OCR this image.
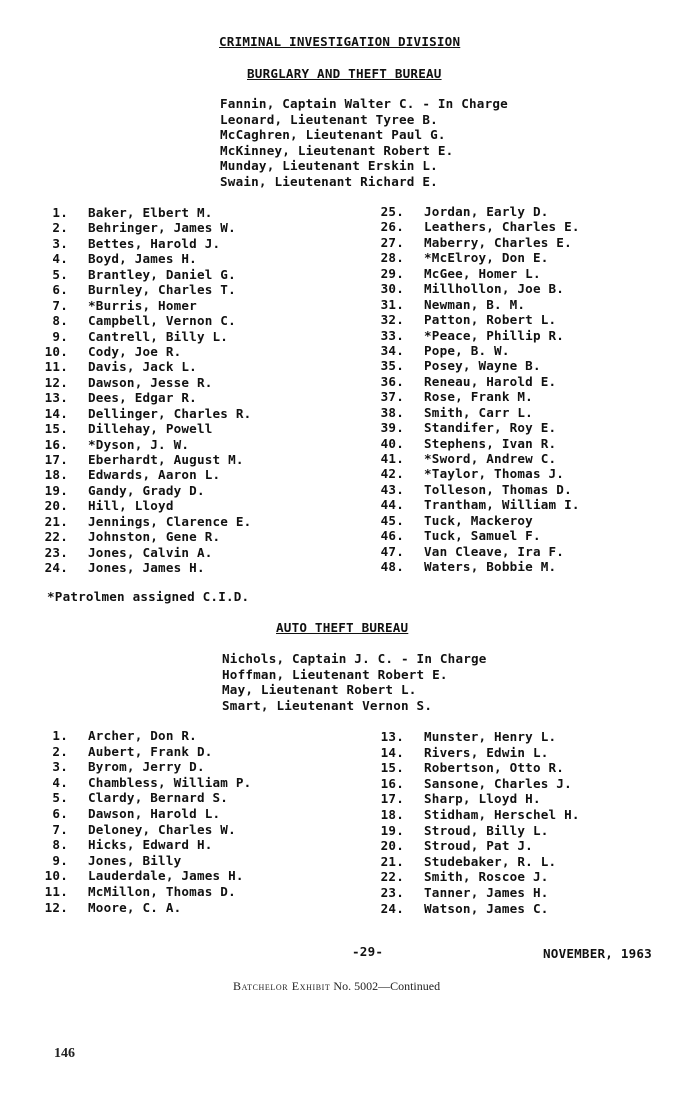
CRIMINAL INVESTIGATION DIVISION
BURGLARY AND THEFT BUREAU
Fannin, Captain Walter C. - In Charge
Leonard, Lieutenant Tyree B.
McCaghren, Lieutenant Paul G.
McKinney, Lieutenant Robert E.
Munday, Lieutenant Erskin L.
Swain, Lieutenant Richard E.
1. Baker, Elbert M.
2. Behringer, James W.
3. Bettes, Harold J.
4. Boyd, James H.
5. Brantley, Daniel G.
6. Burnley, Charles T.
7. *Burris, Homer
8. Campbell, Vernon C.
9. Cantrell, Billy L.
10. Cody, Joe R.
11. Davis, Jack L.
12. Dawson, Jesse R.
13. Dees, Edgar R.
14. Dellinger, Charles R.
15. Dillehay, Powell
16. *Dyson, J. W.
17. Eberhardt, August M.
18. Edwards, Aaron L.
19. Gandy, Grady D.
20. Hill, Lloyd
21. Jennings, Clarence E.
22. Johnston, Gene R.
23. Jones, Calvin A.
24. Jones, James H.
25. Jordan, Early D.
26. Leathers, Charles E.
27. Maberry, Charles E.
28. *McElroy, Don E.
29. McGee, Homer L.
30. Millhollon, Joe B.
31. Newman, B. M.
32. Patton, Robert L.
33. *Peace, Phillip R.
34. Pope, B. W.
35. Posey, Wayne B.
36. Reneau, Harold E.
37. Rose, Frank M.
38. Smith, Carr L.
39. Standifer, Roy E.
40. Stephens, Ivan R.
41. *Sword, Andrew C.
42. *Taylor, Thomas J.
43. Tolleson, Thomas D.
44. Trantham, William I.
45. Tuck, Mackeroy
46. Tuck, Samuel F.
47. Van Cleave, Ira F.
48. Waters, Bobbie M.
*Patrolmen assigned C.I.D.
AUTO THEFT BUREAU
Nichols, Captain J. C. - In Charge
Hoffman, Lieutenant Robert E.
May, Lieutenant Robert L.
Smart, Lieutenant Vernon S.
1. Archer, Don R.
2. Aubert, Frank D.
3. Byrom, Jerry D.
4. Chambless, William P.
5. Clardy, Bernard S.
6. Dawson, Harold L.
7. Deloney, Charles W.
8. Hicks, Edward H.
9. Jones, Billy
10. Lauderdale, James H.
11. McMillon, Thomas D.
12. Moore, C. A.
13. Munster, Henry L.
14. Rivers, Edwin L.
15. Robertson, Otto R.
16. Sansone, Charles J.
17. Sharp, Lloyd H.
18. Stidham, Herschel H.
19. Stroud, Billy L.
20. Stroud, Pat J.
21. Studebaker, R. L.
22. Smith, Roscoe J.
23. Tanner, James H.
24. Watson, James C.
-29-	NOVEMBER, 1963
Batchelor Exhibit No. 5002—Continued
146
